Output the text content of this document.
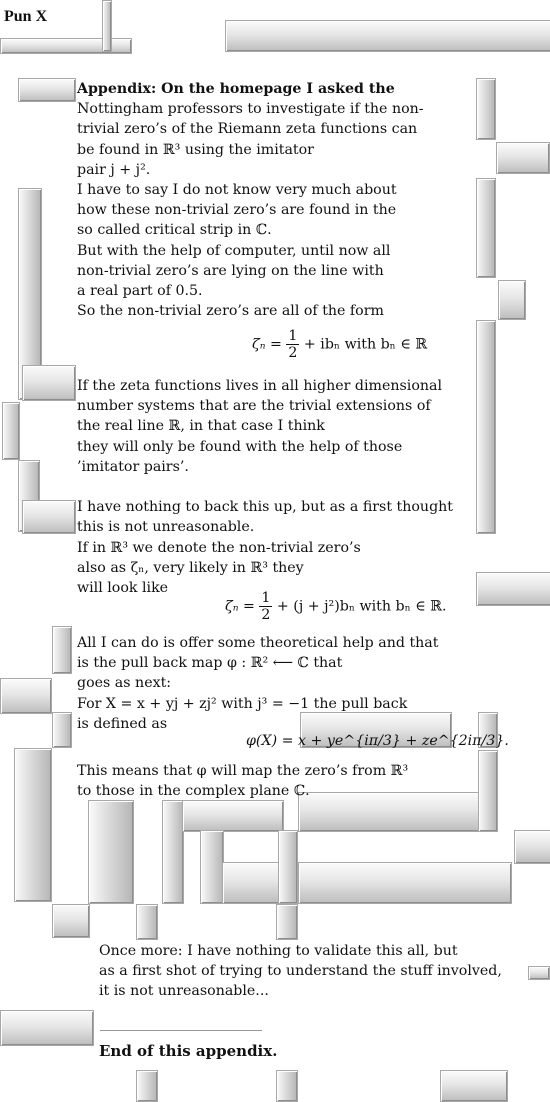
Pun X

Appendix: On the homepage I asked the

Nottingham professors to investigate if the non-

trivial zero’s of the Riemann zeta functions can

be found in ℝ³ using the imitator

pair j + j².

I have to say I do not know very much about

how these non-trivial zero’s are found in the

so called critical strip in ℂ.

But with the help of computer, until now all

non-trivial zero’s are lying on the line with

a real part of 0.5.

So the non-trivial zero’s are all of the form

$\zeta_n = \frac{1}{2} + ib_n$ with bₙ ∈ ℝ

If the zeta functions lives in all higher dimensional

number systems that are the trivial extensions of

the real line ℝ, in that case I think

they will only be found with the help of those

’imitator pairs’.

I have nothing to back this up, but as a first thought

this is not unreasonable.

If in ℝ³ we denote the non-trivial zero’s

also as ζₙ, very likely in ℝ³ they

will look like

$\zeta_n = \frac{1}{2} + (j + j^2)b_n$ with bₙ ∈ ℝ.

All I can do is offer some theoretical help and that

is the pull back map φ : ℝ² ⟵ ℂ that

goes as next:

For X = x + yj + zj² with j³ = −1 the pull back

is defined as

φ(X) = x + ye^{iπ/3} + ze^{2iπ/3}.

This means that φ will map the zero’s from ℝ³

to those in the complex plane ℂ.

Once more: I have nothing to validate this all, but

as a first shot of trying to understand the stuff involved,

it is not unreasonable...

End of this appendix.
